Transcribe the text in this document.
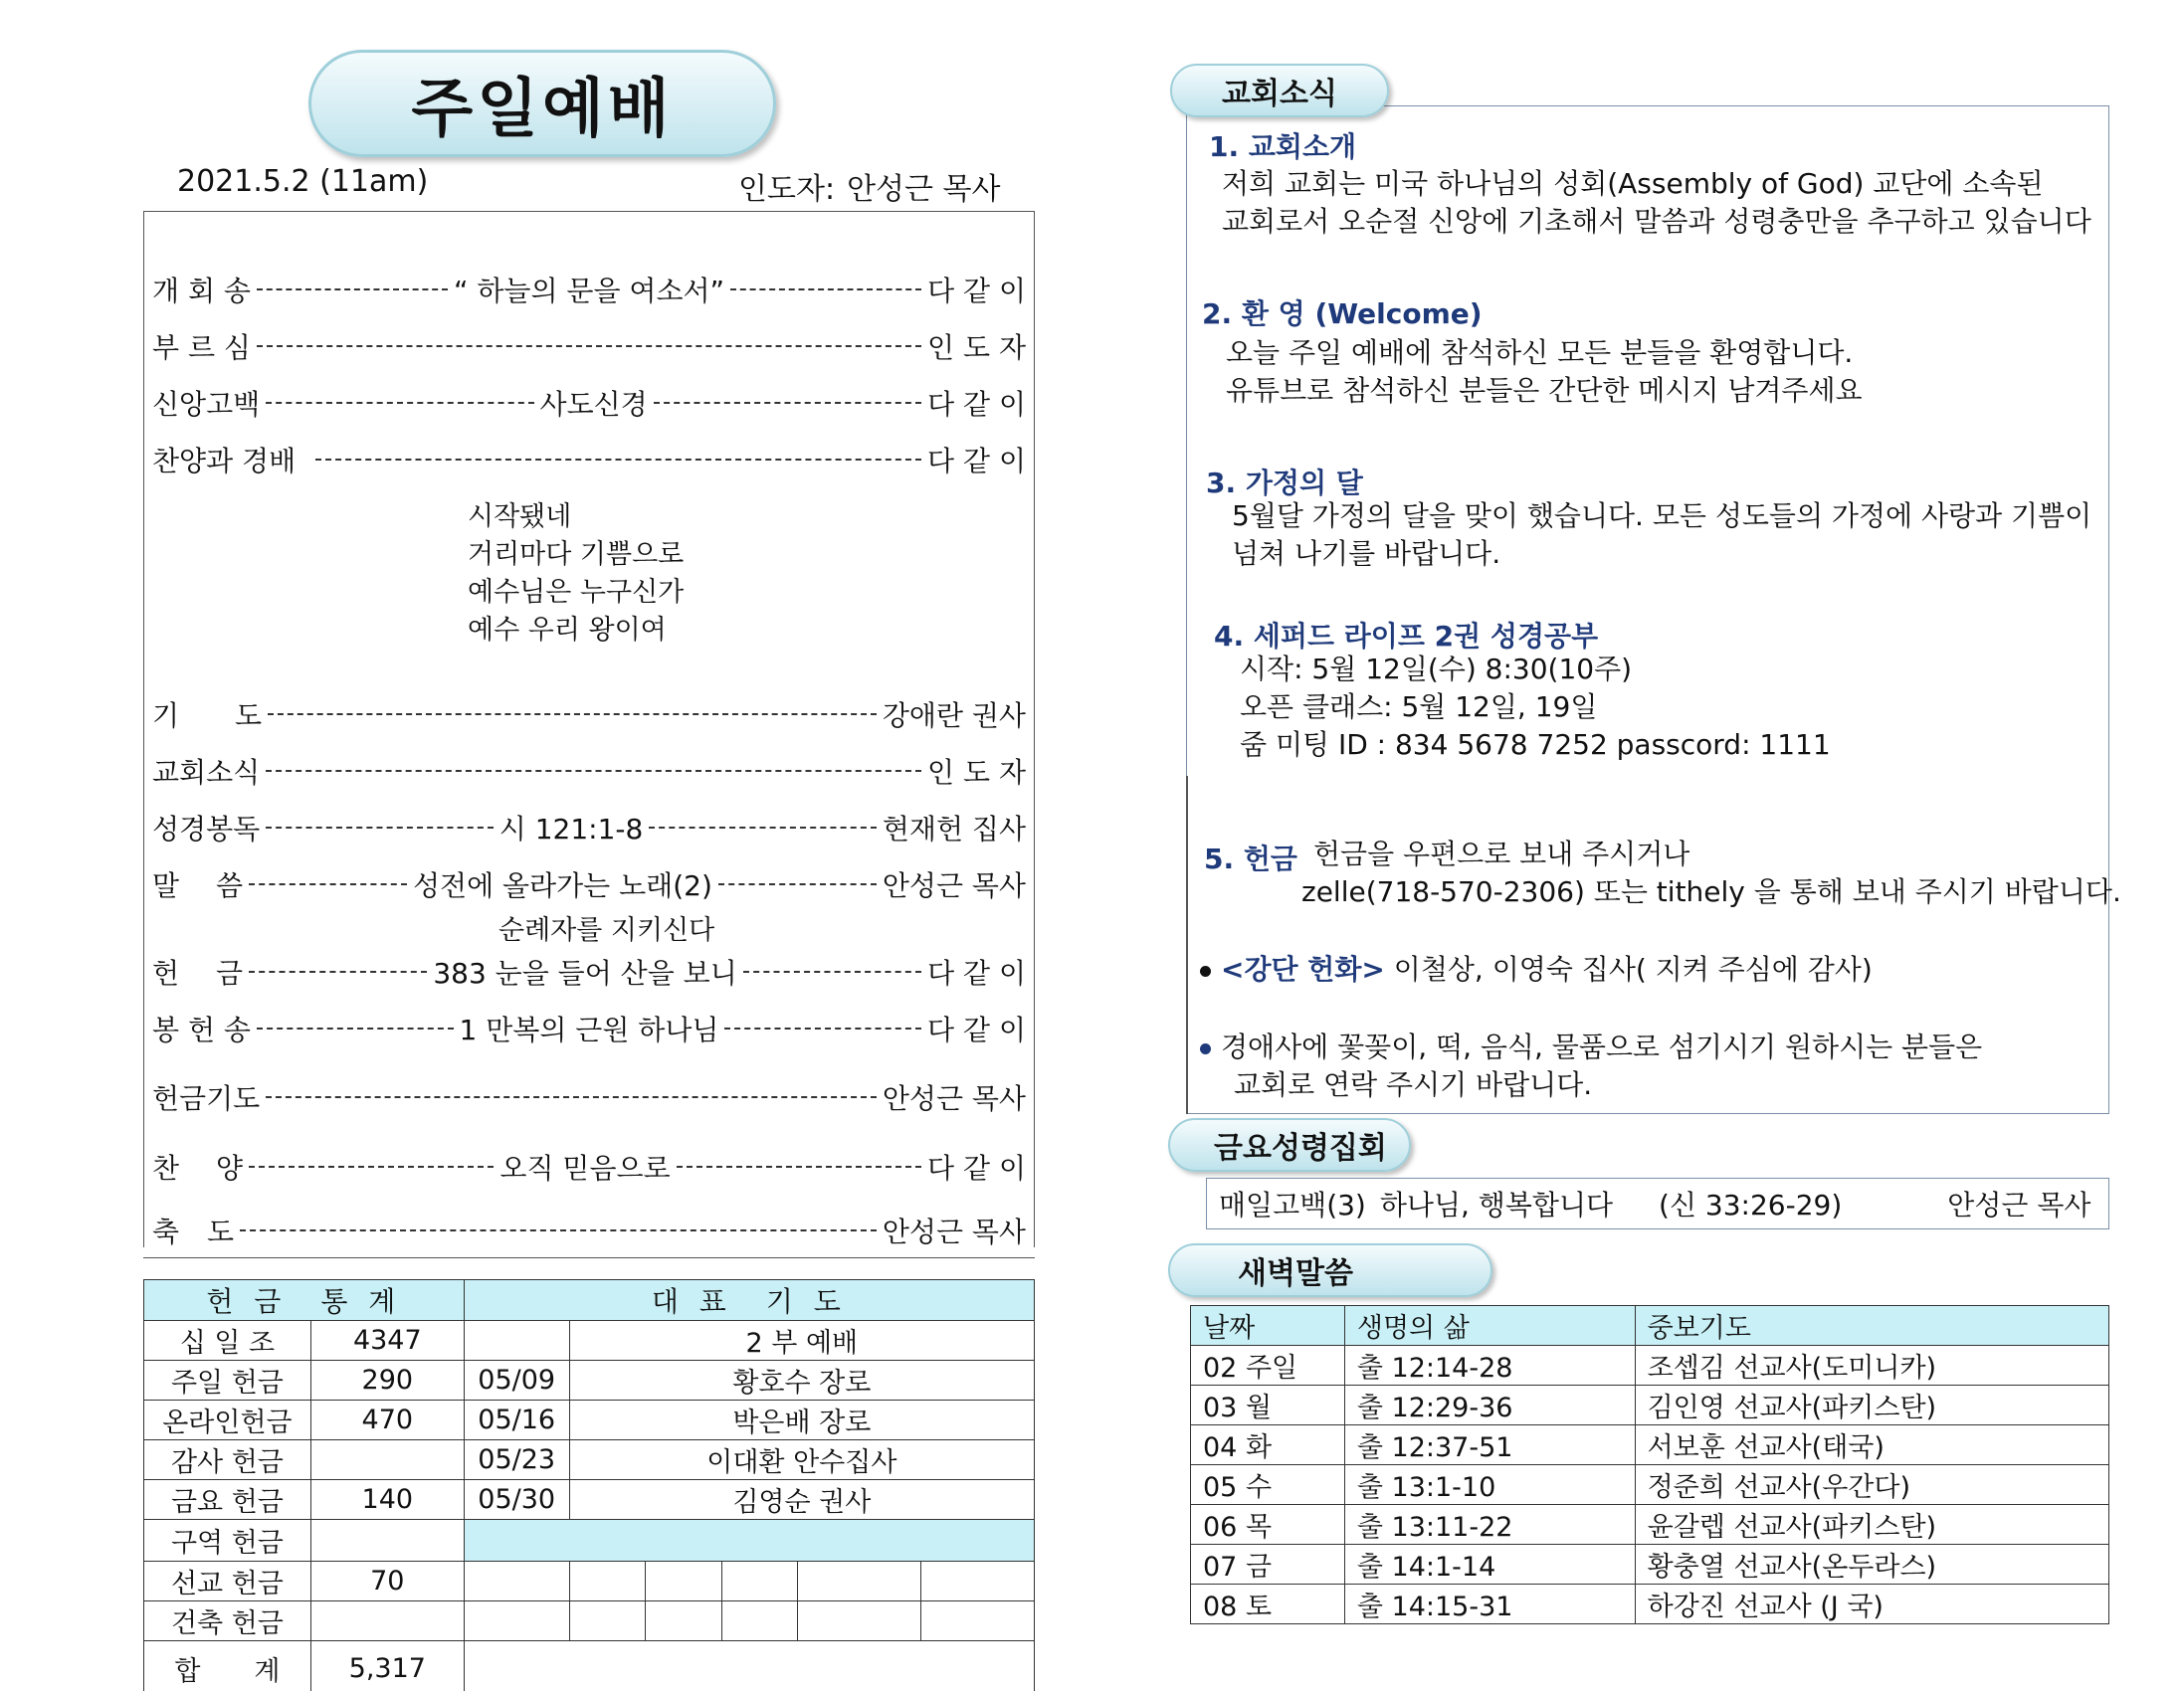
주일예배
2021.5.2 (11am)	인도자: 안성근 목사
개 회 송	“ 하늘의 문을 여소서”	다 같 이
부 르 심	인 도 자
신앙고백	사도신경	다 같 이
찬양과 경배	다 같 이
시작됐네
거리마다 기쁨으로
예수님은 누구신가
예수 우리 왕이여
기　　도	강애란 권사
교회소식	인 도 자
성경봉독	시 121:1-8	현재헌 집사
말　 씀	성전에 올라가는 노래(2)	안성근 목사
순례자를 지키신다
헌　 금	383 눈을 들어 산을 보니	다 같 이
봉 헌 송	1 만복의 근원 하나님	다 같 이
헌금기도	안성근 목사
찬　 양	오직 믿음으로	다 같 이
축　도	안성근 목사
헌 금　통 계		대 표　기 도					
십 일 조	4347		2 부 예배				
주일 헌금	290	05/09	황호수 장로				
온라인헌금	470	05/16	박은배 장로				
감사 헌금		05/23	이대환 안수집사				
금요 헌금	140	05/30	김영순 권사				
구역 헌금							
선교 헌금	70						
건축 헌금							
합　　계	5,317						
교회소식
1. 교회소개
저희 교회는 미국 하나님의 성회(Assembly of God) 교단에 소속된
교회로서 오순절 신앙에 기초해서 말씀과 성령충만을 추구하고 있습니다
2. 환 영 (Welcome)
오늘 주일 예배에 참석하신 모든 분들을 환영합니다.
유튜브로 참석하신 분들은 간단한 메시지 남겨주세요
3. 가정의 달
5월달 가정의 달을 맞이 했습니다. 모든 성도들의 가정에 사랑과 기쁨이
넘쳐 나기를 바랍니다.
4. 세퍼드 라이프 2권 성경공부
시작: 5월 12일(수) 8:30(10주)
오픈 클래스: 5월 12일, 19일
줌 미팅 ID : 834 5678 7252 passcord: 1111
5. 헌금 헌금을 우편으로 보내 주시거나
zelle(718-570-2306) 또는 tithely 을 통해 보내 주시기 바랍니다.
<강단 헌화> 이철상, 이영숙 집사( 지켜 주심에 감사)
경애사에 꽃꽂이, 떡, 음식, 물품으로 섬기시기 원하시는 분들은
교회로 연락 주시기 바랍니다.
금요성령집회
매일고백(3) 하나님, 행복합니다 (신 33:26-29)	안성근 목사
새벽말씀
날짜	생명의 삶	중보기도
02 주일	출 12:14-28	조셉김 선교사(도미니카)
03 월	출 12:29-36	김인영 선교사(파키스탄)
04 화	출 12:37-51	서보훈 선교사(태국)
05 수	출 13:1-10	정준희 선교사(우간다)
06 목	출 13:11-22	윤갈렙 선교사(파키스탄)
07 금	출 14:1-14	황충열 선교사(온두라스)
08 토	출 14:15-31	하강진 선교사 (J 국)
